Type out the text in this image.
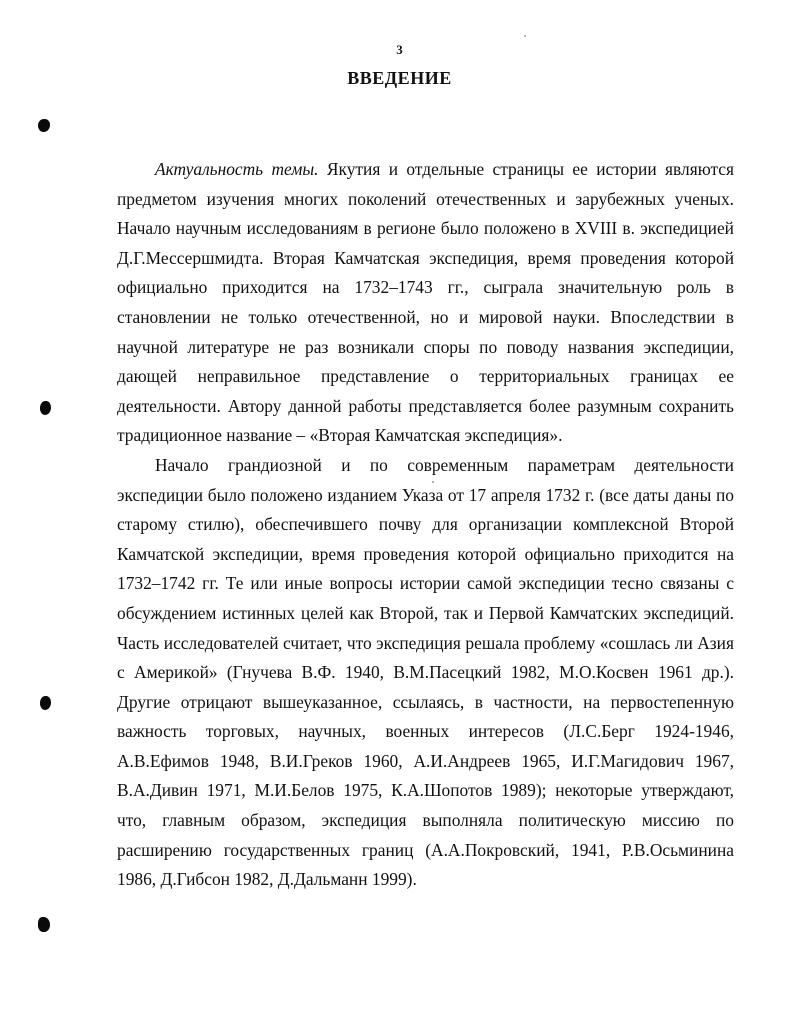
3
ВВЕДЕНИЕ

Актуальность темы. Якутия и отдельные страницы ее истории являются предметом изучения многих поколений отечественных и зарубежных ученых. Начало научным исследованиям в регионе было положено в XVIII в. экспедицией Д.Г.Мессершмидта. Вторая Камчатская экспедиция, время проведения которой официально приходится на 1732–1743 гг., сыграла значительную роль в становлении не только отечественной, но и мировой науки. Впоследствии в научной литературе не раз возникали споры по поводу названия экспедиции, дающей неправильное представление о территориальных границах ее деятельности. Автору данной работы представляется более разумным сохранить традиционное название – «Вторая Камчатская экспедиция».

Начало грандиозной и по современным параметрам деятельности экспедиции было положено изданием Указа от 17 апреля 1732 г. (все даты даны по старому стилю), обеспечившего почву для организации комплексной Второй Камчатской экспедиции, время проведения которой официально приходится на 1732–1742 гг. Те или иные вопросы истории самой экспедиции тесно связаны с обсуждением истинных целей как Второй, так и Первой Камчатских экспедиций. Часть исследователей считает, что экспедиция решала проблему «сошлась ли Азия с Америкой» (Гнучева В.Ф. 1940, В.М.Пасецкий 1982, М.О.Косвен 1961 др.). Другие отрицают вышеуказанное, ссылаясь, в частности, на первостепенную важность торговых, научных, военных интересов (Л.С.Берг 1924-1946, А.В.Ефимов 1948, В.И.Греков 1960, А.И.Андреев 1965, И.Г.Магидович 1967, В.А.Дивин 1971, М.И.Белов 1975, К.А.Шопотов 1989); некоторые утверждают, что, главным образом, экспедиция выполняла политическую миссию по расширению государственных границ (А.А.Покровский, 1941, Р.В.Осьминина 1986, Д.Гибсон 1982, Д.Дальманн 1999).
